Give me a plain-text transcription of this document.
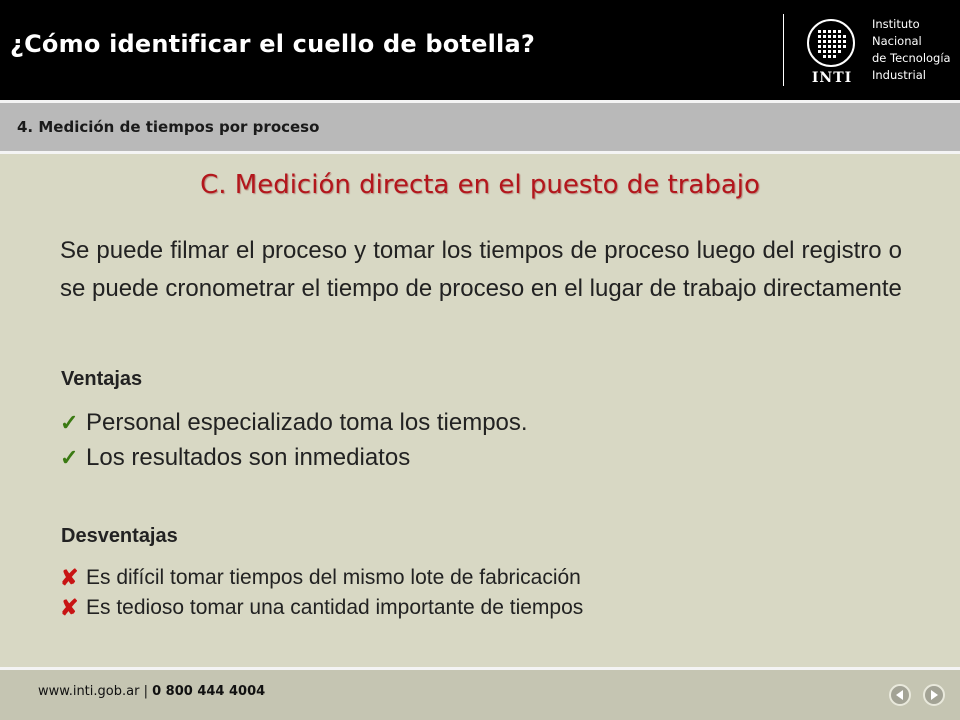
¿Cómo identificar el cuello de botella?
INTI
Instituto
Nacional
de Tecnología
Industrial
4. Medición de tiempos por proceso
C. Medición directa en el puesto de trabajo
Se puede filmar el proceso y tomar los tiempos de proceso luego del registro o se puede cronometrar el tiempo de proceso en el lugar de trabajo directamente
Ventajas
✓ Personal especializado toma los tiempos.
✓ Los resultados son inmediatos
Desventajas
✘ Es difícil tomar tiempos del mismo lote de fabricación
✘ Es tedioso tomar una cantidad importante de tiempos
www.inti.gob.ar | 0 800 444 4004
